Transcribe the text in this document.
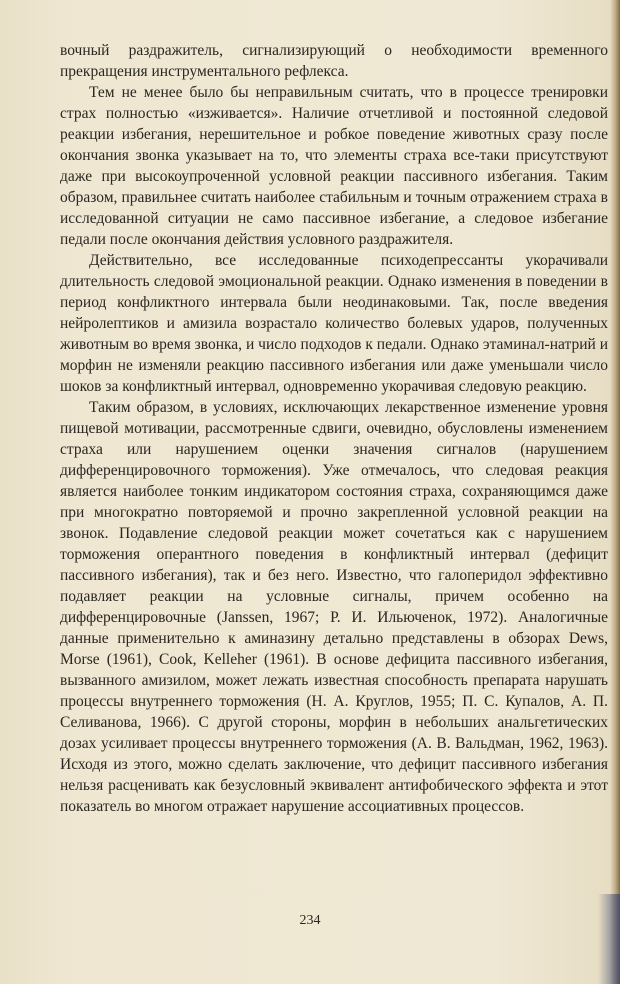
вочный раздражитель, сигнализирующий о необходимости временного прекращения инструментального рефлекса.

Тем не менее было бы неправильным считать, что в процессе тренировки страх полностью «изживается». Наличие отчетливой и постоянной следовой реакции избегания, нерешительное и робкое поведение животных сразу после окончания звонка указывает на то, что элементы страха все-таки присутствуют даже при высокоупроченной условной реакции пассивного избегания. Таким образом, правильнее считать наиболее стабильным и точным отражением страха в исследованной ситуации не само пассивное избегание, а следовое избегание педали после окончания действия условного раздражителя.

Действительно, все исследованные психодепрессанты укорачивали длительность следовой эмоциональной реакции. Однако изменения в поведении в период конфликтного интервала были неодинаковыми. Так, после введения нейролептиков и амизила возрастало количество болевых ударов, полученных животным во время звонка, и число подходов к педали. Однако этаминал-натрий и морфин не изменяли реакцию пассивного избегания или даже уменьшали число шоков за конфликтный интервал, одновременно укорачивая следовую реакцию.

Таким образом, в условиях, исключающих лекарственное изменение уровня пищевой мотивации, рассмотренные сдвиги, очевидно, обусловлены изменением страха или нарушением оценки значения сигналов (нарушением дифференцировочного торможения). Уже отмечалось, что следовая реакция является наиболее тонким индикатором состояния страха, сохраняющимся даже при многократно повторяемой и прочно закрепленной условной реакции на звонок. Подавление следовой реакции может сочетаться как с нарушением торможения оперантного поведения в конфликтный интервал (дефицит пассивного избегания), так и без него. Известно, что галоперидол эффективно подавляет реакции на условные сигналы, причем особенно на дифференцировочные (Janssen, 1967; Р. И. Ильюченок, 1972). Аналогичные данные применительно к аминазину детально представлены в обзорах Dews, Morse (1961), Cook, Kelleher (1961). В основе дефицита пассивного избегания, вызванного амизилом, может лежать известная способность препарата нарушать процессы внутреннего торможения (Н. А. Круглов, 1955; П. С. Купалов, А. П. Селиванова, 1966). С другой стороны, морфин в небольших анальгетических дозах усиливает процессы внутреннего торможения (А. В. Вальдман, 1962, 1963). Исходя из этого, можно сделать заключение, что дефицит пассивного избегания нельзя расценивать как безусловный эквивалент антифобического эффекта и этот показатель во многом отражает нарушение ассоциативных процессов.

234
